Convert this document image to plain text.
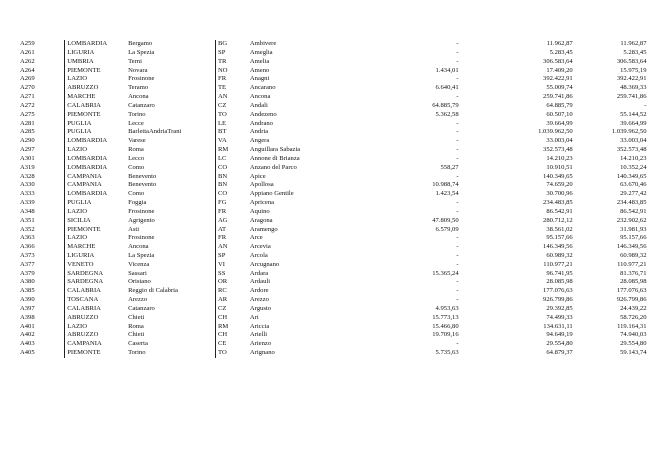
A259	LOMBARDIA	Bergamo	BG	Ambivere	-	11.962,87	11.962,87
A261	LIGURIA	La Spezia	SP	Ameglia	-	5.283,45	5.283,45
A262	UMBRIA	Terni	TR	Amelia	-	306.583,64	306.583,64
A264	PIEMONTE	Novara	NO	Ameno	1.434,01	17.409,20	15.975,19
A269	LAZIO	Frosinone	FR	Anagni	-	392.422,91	392.422,91
A270	ABRUZZO	Teramo	TE	Ancarano	6.640,41	55.009,74	48.369,33
A271	MARCHE	Ancona	AN	Ancona	-	259.741,86	259.741,86
A272	CALABRIA	Catanzaro	CZ	Andali	64.885,79	64.885,79	-
A275	PIEMONTE	Torino	TO	Andezeno	5.362,58	60.507,10	55.144,52
A281	PUGLIA	Lecce	LE	Andrano	-	39.664,99	39.664,99
A285	PUGLIA	BarlettaAndriaTrani	BT	Andria	-	1.039.962,50	1.039.962,50
A290	LOMBARDIA	Varese	VA	Angera	-	33.003,04	33.003,04
A297	LAZIO	Roma	RM	Anguillara Sabazia	-	352.573,48	352.573,48
A301	LOMBARDIA	Lecco	LC	Annone di Brianza	-	14.210,23	14.210,23
A319	LOMBARDIA	Como	CO	Anzano del Parco	558,27	10.910,51	10.352,24
A328	CAMPANIA	Benevento	BN	Apice	-	140.349,65	140.349,65
A330	CAMPANIA	Benevento	BN	Apollosa	10.988,74	74.659,20	63.670,46
A333	LOMBARDIA	Como	CO	Appiano Gentile	1.423,54	30.700,96	29.277,42
A339	PUGLIA	Foggia	FG	Apricena	-	234.483,85	234.483,85
A348	LAZIO	Frosinone	FR	Aquino	-	86.542,91	86.542,91
A351	SICILIA	Agrigento	AG	Aragona	47.809,50	280.712,12	232.902,62
A352	PIEMONTE	Asti	AT	Aramengo	6.579,09	38.561,02	31.981,93
A363	LAZIO	Frosinone	FR	Arce	-	95.157,66	95.157,66
A366	MARCHE	Ancona	AN	Arcevia	-	146.349,56	146.349,56
A373	LIGURIA	La Spezia	SP	Arcola	-	60.989,32	60.989,32
A377	VENETO	Vicenza	VI	Arcugnano	-	110.977,21	110.977,21
A379	SARDEGNA	Sassari	SS	Ardara	15.365,24	96.741,95	81.376,71
A380	SARDEGNA	Oristano	OR	Ardauli	-	28.085,98	28.085,98
A385	CALABRIA	Reggio di Calabria	RC	Ardore	-	177.076,63	177.076,63
A390	TOSCANA	Arezzo	AR	Arezzo	-	926.799,86	926.799,86
A397	CALABRIA	Catanzaro	CZ	Argusto	4.953,63	29.392,85	24.439,22
A398	ABRUZZO	Chieti	CH	Ari	15.773,13	74.499,33	58.726,20
A401	LAZIO	Roma	RM	Ariccia	15.466,80	134.631,11	119.164,31
A402	ABRUZZO	Chieti	CH	Arielli	19.709,16	94.649,19	74.940,03
A403	CAMPANIA	Caserta	CE	Arienzo	-	29.554,80	29.554,80
A405	PIEMONTE	Torino	TO	Arignano	5.735,63	64.879,37	59.143,74
